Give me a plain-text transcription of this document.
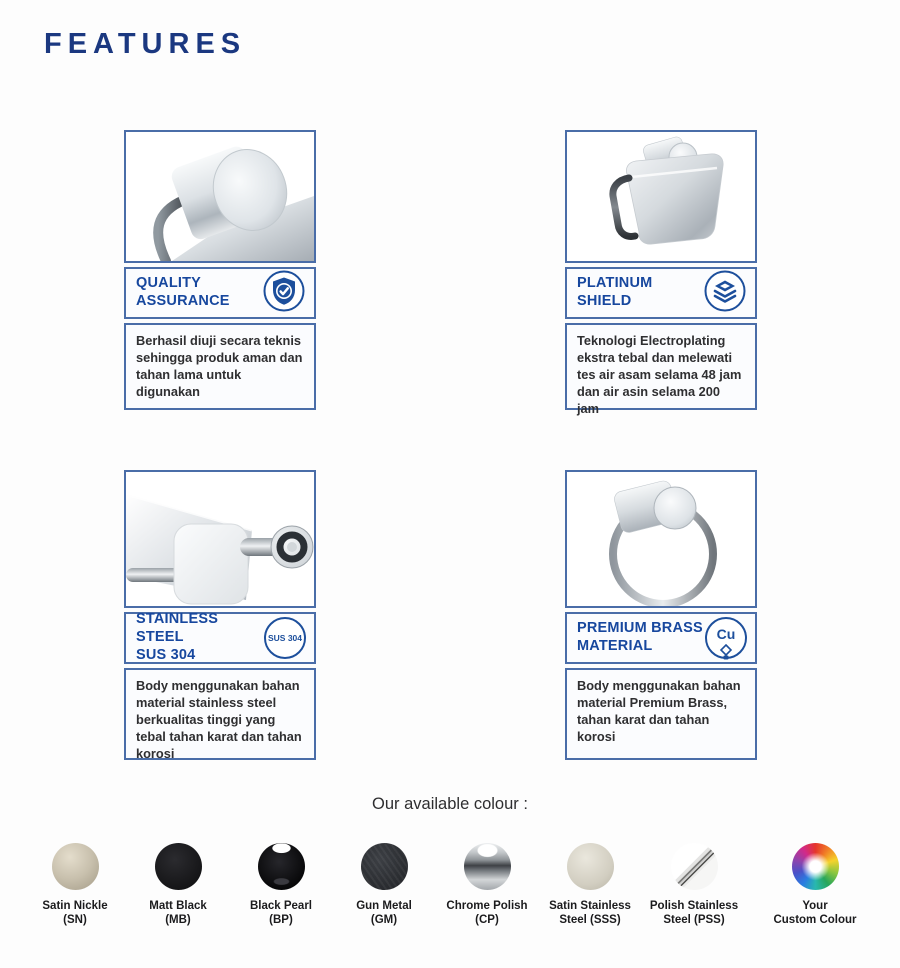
FEATURES
QUALITY
ASSURANCE
Berhasil diuji secara teknis sehingga produk aman dan tahan lama untuk digunakan
PLATINUM
SHIELD
Teknologi Electroplating ekstra tebal dan melewati tes air asam selama 48 jam dan air asin selama 200 jam
STAINLESS STEEL
SUS 304
SUS 304
Body menggunakan bahan material stainless steel berkualitas tinggi yang tebal tahan karat dan tahan korosi
PREMIUM BRASS
MATERIAL
Cu
Body menggunakan bahan material Premium Brass, tahan karat dan tahan korosi
Our available colour :
Satin Nickle
(SN)
Matt Black
(MB)
Black Pearl
(BP)
Gun Metal
(GM)
Chrome Polish
(CP)
Satin Stainless
Steel (SSS)
Polish Stainless
Steel (PSS)
Your
Custom Colour
